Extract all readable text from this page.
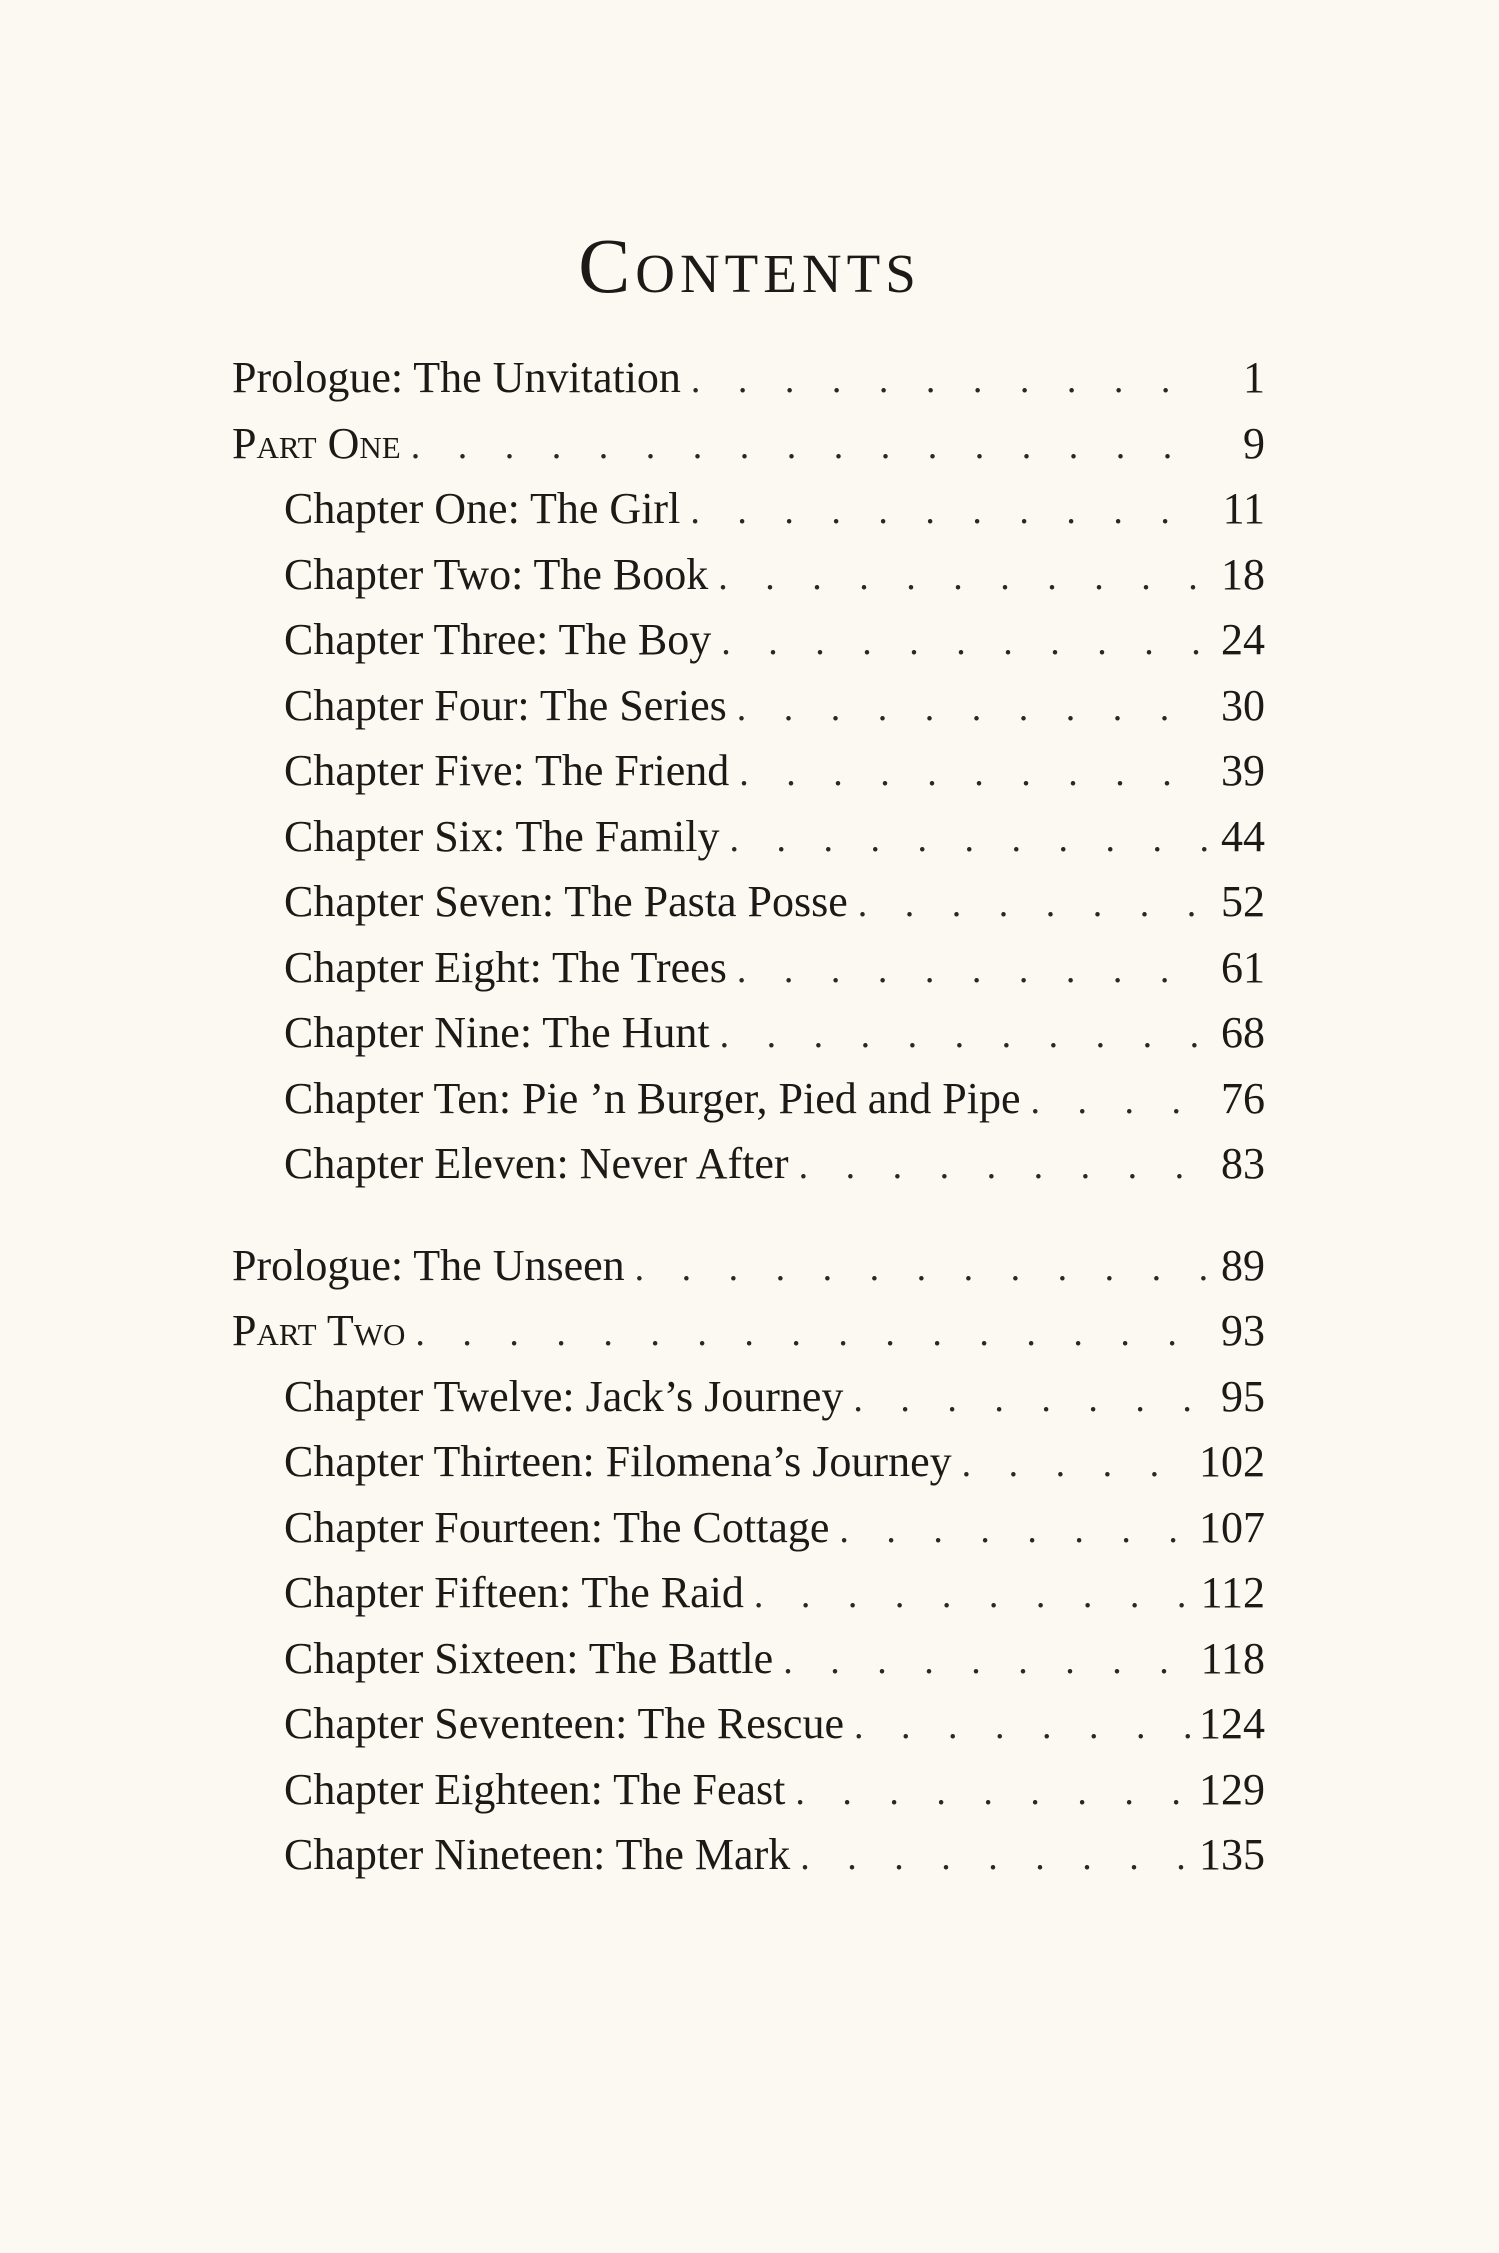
Contents
Prologue: The Unvitation . . .	1
Part One . . .	9
Chapter One: The Girl . . .	11
Chapter Two: The Book . . .	18
Chapter Three: The Boy . . .	24
Chapter Four: The Series . . .	30
Chapter Five: The Friend . . .	39
Chapter Six: The Family . . .	44
Chapter Seven: The Pasta Posse . . .	52
Chapter Eight: The Trees . . .	61
Chapter Nine: The Hunt . . .	68
Chapter Ten: Pie ’n Burger, Pied and Pipe . . .	76
Chapter Eleven: Never After . . .	83
Prologue: The Unseen . . .	89
Part Two . . .	93
Chapter Twelve: Jack’s Journey . . .	95
Chapter Thirteen: Filomena’s Journey . . .	102
Chapter Fourteen: The Cottage . . .	107
Chapter Fifteen: The Raid . . .	112
Chapter Sixteen: The Battle . . .	118
Chapter Seventeen: The Rescue . . .	124
Chapter Eighteen: The Feast . . .	129
Chapter Nineteen: The Mark . . .	135
